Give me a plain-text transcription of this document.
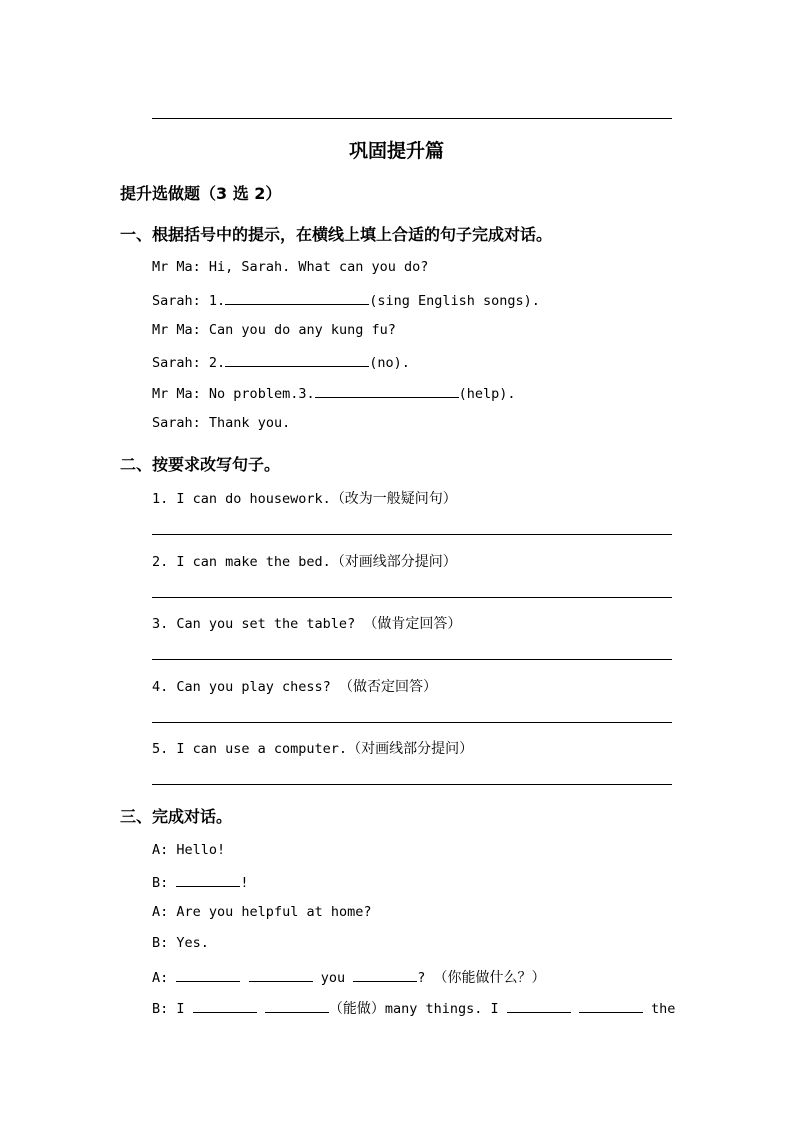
巩固提升篇
提升选做题（3 选 2）
一、根据括号中的提示，在横线上填上合适的句子完成对话。
Mr Ma: Hi, Sarah. What can you do?
Sarah: 1.	(sing English songs).
Mr Ma: Can you do any kung fu?
Sarah: 2.	(no).
Mr Ma: No problem.3.	(help).
Sarah: Thank you.
二、按要求改写句子。
1. I can do housework.（改为一般疑问句）
2. I can make the bed.（对画线部分提问）
3. Can you set the table? （做肯定回答）
4. Can you play chess? （做否定回答）
5. I can use a computer.（对画线部分提问）
三、完成对话。
A: Hello!
B:	!
A: Are you helpful at home?
B: Yes.
A:	you	? （你能做什么？）
B: I	（能做）many things. I	the
